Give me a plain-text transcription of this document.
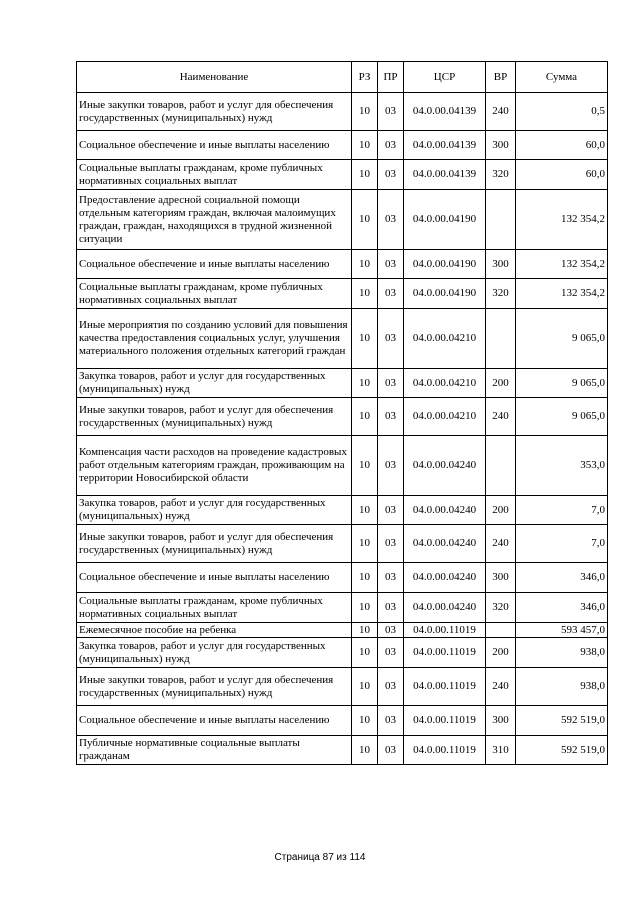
Наименование	РЗ	ПР	ЦСР	ВР	Сумма
Иные закупки товаров, работ и услуг для обеспечения государственных (муниципальных) нужд	10	03	04.0.00.04139	240	0,5
Социальное обеспечение и иные выплаты населению	10	03	04.0.00.04139	300	60,0
Социальные выплаты гражданам, кроме публичных нормативных социальных выплат	10	03	04.0.00.04139	320	60,0
Предоставление адресной социальной помощи отдельным категориям граждан, включая малоимущих граждан, граждан, находящихся в трудной жизненной ситуации	10	03	04.0.00.04190		132 354,2
Социальное обеспечение и иные выплаты населению	10	03	04.0.00.04190	300	132 354,2
Социальные выплаты гражданам, кроме публичных нормативных социальных выплат	10	03	04.0.00.04190	320	132 354,2
Иные мероприятия по созданию условий для повышения качества предоставления социальных услуг, улучшения материального положения отдельных категорий граждан	10	03	04.0.00.04210		9 065,0
Закупка товаров, работ и услуг для государственных (муниципальных) нужд	10	03	04.0.00.04210	200	9 065,0
Иные закупки товаров, работ и услуг для обеспечения государственных (муниципальных) нужд	10	03	04.0.00.04210	240	9 065,0
Компенсация части расходов на проведение кадастровых работ отдельным категориям граждан, проживающим на территории Новосибирской области	10	03	04.0.00.04240		353,0
Закупка товаров, работ и услуг для государственных (муниципальных) нужд	10	03	04.0.00.04240	200	7,0
Иные закупки товаров, работ и услуг для обеспечения государственных (муниципальных) нужд	10	03	04.0.00.04240	240	7,0
Социальное обеспечение и иные выплаты населению	10	03	04.0.00.04240	300	346,0
Социальные выплаты гражданам, кроме публичных нормативных социальных выплат	10	03	04.0.00.04240	320	346,0
Ежемесячное пособие на ребенка	10	03	04.0.00.11019		593 457,0
Закупка товаров, работ и услуг для государственных (муниципальных) нужд	10	03	04.0.00.11019	200	938,0
Иные закупки товаров, работ и услуг для обеспечения государственных (муниципальных) нужд	10	03	04.0.00.11019	240	938,0
Социальное обеспечение и иные выплаты населению	10	03	04.0.00.11019	300	592 519,0
Публичные нормативные социальные выплаты гражданам	10	03	04.0.00.11019	310	592 519,0
Страница 87 из 114
